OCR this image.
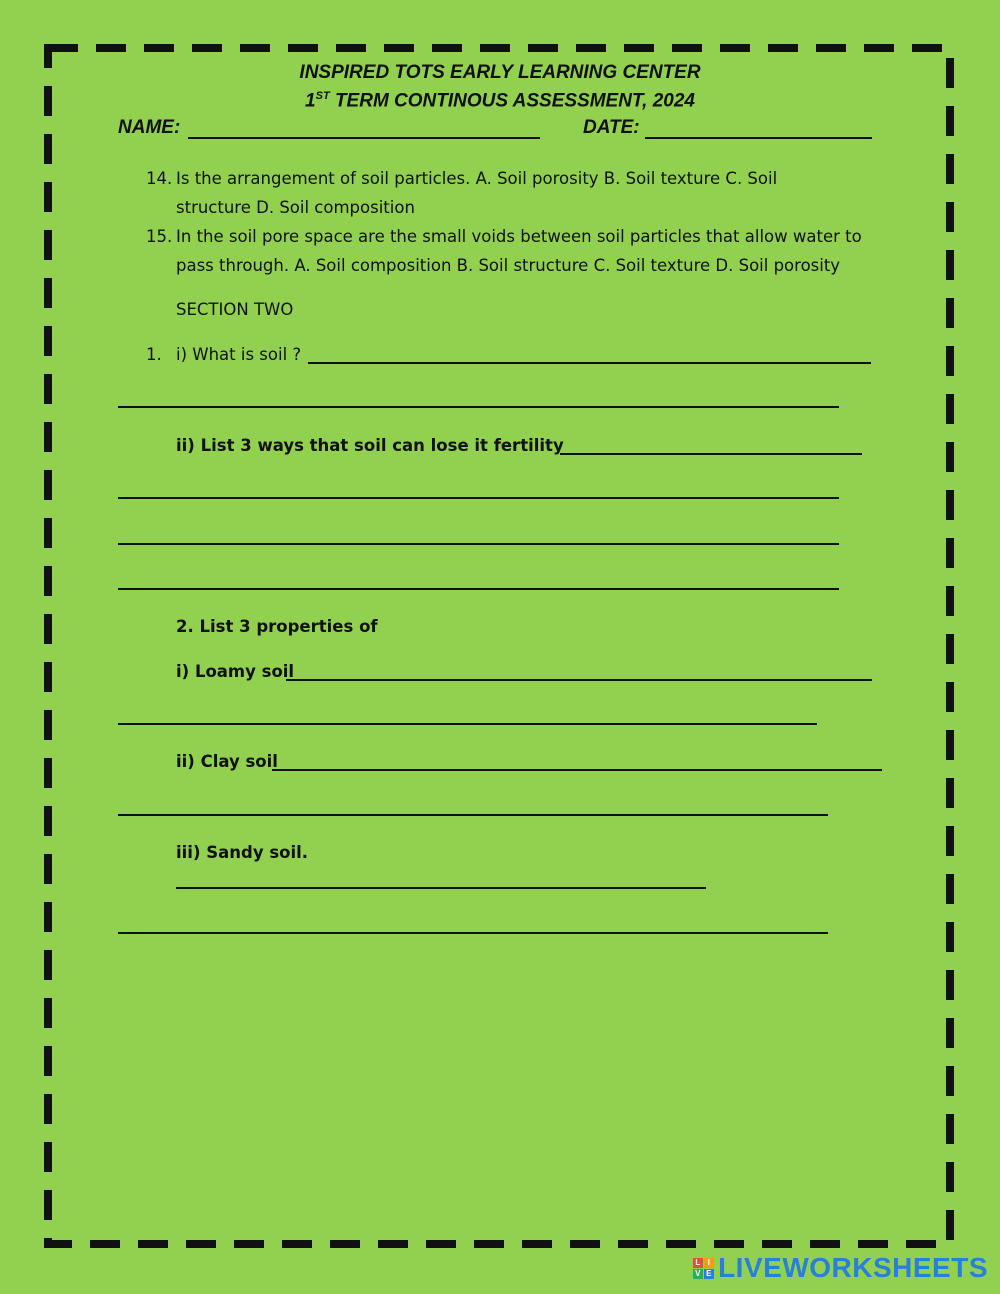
INSPIRED TOTS EARLY LEARNING CENTER
1ST TERM CONTINOUS ASSESSMENT, 2024
NAME:	DATE:
14. Is the arrangement of soil particles. A. Soil porosity B. Soil texture C. Soil
structure D. Soil composition
15. In the soil pore space are the small voids between soil particles that allow water to
pass through. A. Soil composition B. Soil structure C. Soil texture D. Soil porosity
SECTION TWO
1. i) What is soil ?
ii) List 3 ways that soil can lose it fertility
2. List 3 properties of
i) Loamy soil
ii) Clay soil
iii) Sandy soil.
L I
V E LIVEWORKSHEETS
